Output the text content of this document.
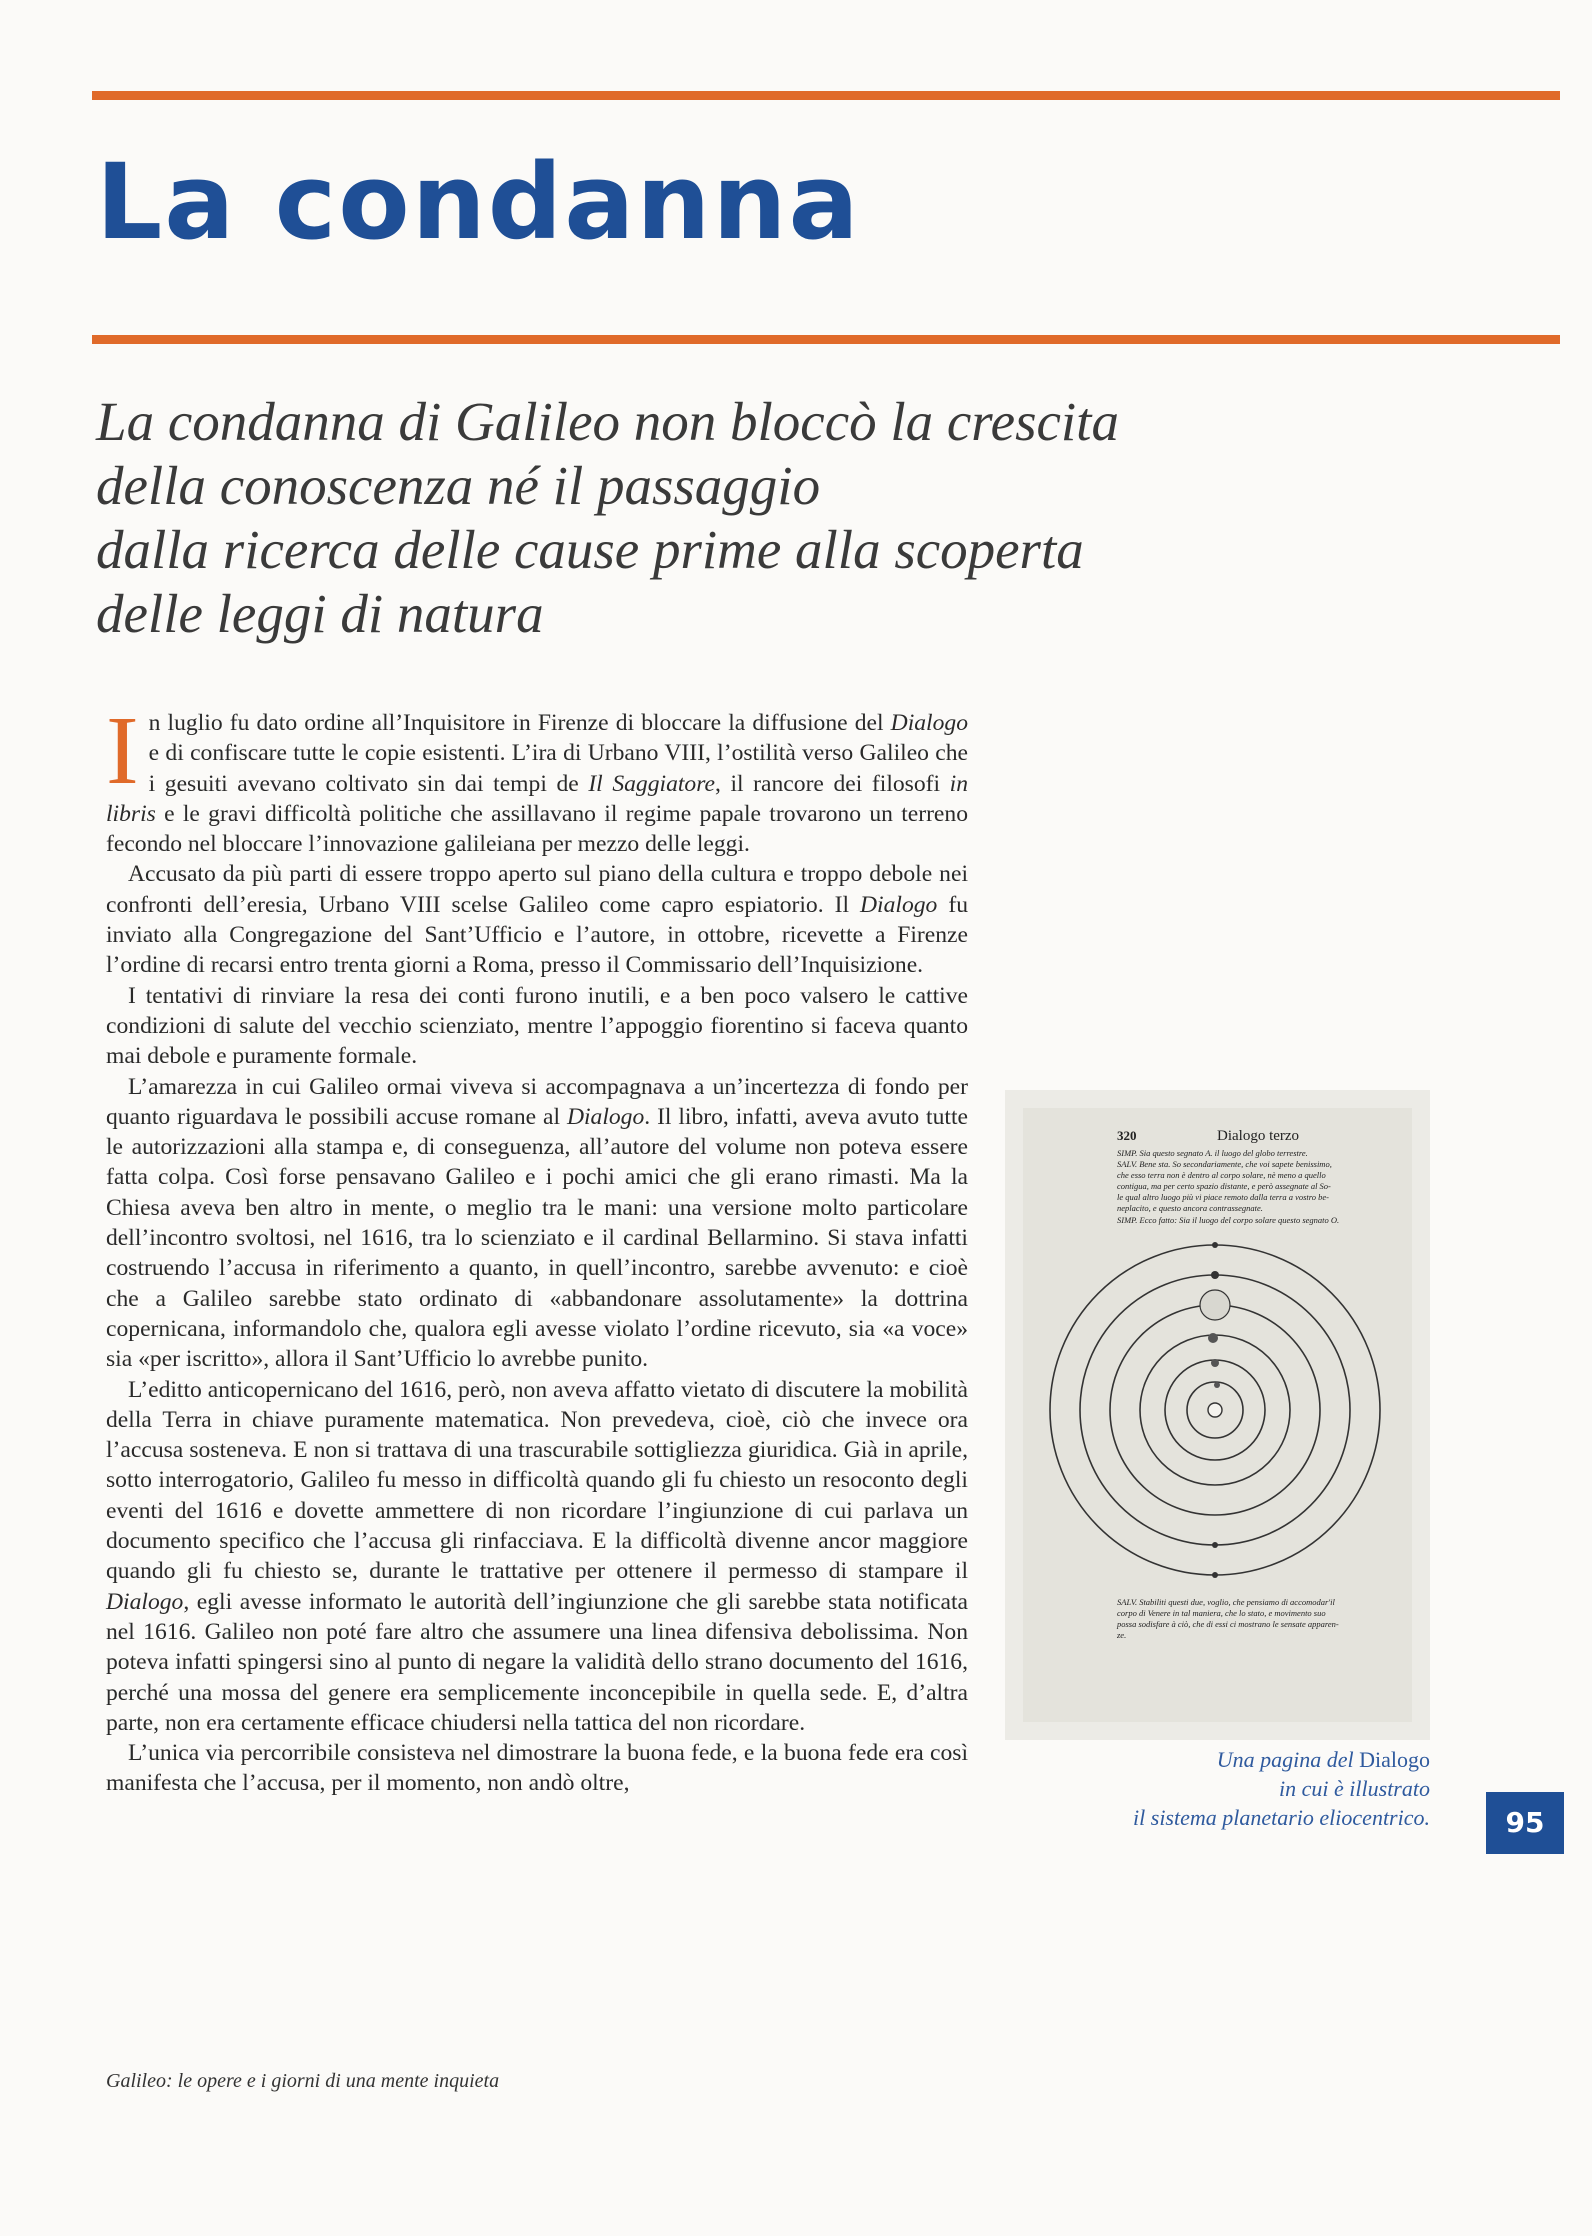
La condanna
La condanna di Galileo non bloccò la crescita
della conoscenza né il passaggio
dalla ricerca delle cause prime alla scoperta
delle leggi di natura

In luglio fu dato ordine all’Inquisitore in Firenze di bloccare la diffusione del Dialogo e di confiscare tutte le copie esistenti. L’ira di Urbano VIII, l’ostilità verso Galileo che i gesuiti avevano coltivato sin dai tempi de Il Saggiatore, il rancore dei filosofi in libris e le gravi difficoltà politiche che assillavano il regime papale trovarono un terreno fecondo nel bloccare l’innovazione galileiana per mezzo delle leggi.

Accusato da più parti di essere troppo aperto sul piano della cultura e troppo debole nei confronti dell’eresia, Urbano VIII scelse Galileo come capro espiatorio. Il Dialogo fu inviato alla Congregazione del Sant’Ufficio e l’autore, in ottobre, ricevette a Firenze l’ordine di recarsi entro trenta giorni a Roma, presso il Commissario dell’Inquisizione.

I tentativi di rinviare la resa dei conti furono inutili, e a ben poco valsero le cattive condizioni di salute del vecchio scienziato, mentre l’appoggio fiorentino si faceva quanto mai debole e puramente formale.

L’amarezza in cui Galileo ormai viveva si accompagnava a un’incertezza di fondo per quanto riguardava le possibili accuse romane al Dialogo. Il libro, infatti, aveva avuto tutte le autorizzazioni alla stampa e, di conseguenza, all’autore del volume non poteva essere fatta colpa. Così forse pensavano Galileo e i pochi amici che gli erano rimasti. Ma la Chiesa aveva ben altro in mente, o meglio tra le mani: una versione molto particolare dell’incontro svoltosi, nel 1616, tra lo scienziato e il cardinal Bellarmino. Si stava infatti costruendo l’accusa in riferimento a quanto, in quell’incontro, sarebbe avvenuto: e cioè che a Galileo sarebbe stato ordinato di «abbandonare assolutamente» la dottrina copernicana, informandolo che, qualora egli avesse violato l’ordine ricevuto, sia «a voce» sia «per iscritto», allora il Sant’Ufficio lo avrebbe punito.

L’editto anticopernicano del 1616, però, non aveva affatto vietato di discutere la mobilità della Terra in chiave puramente matematica. Non prevedeva, cioè, ciò che invece ora l’accusa sosteneva. E non si trattava di una trascurabile sottigliezza giuridica. Già in aprile, sotto interrogatorio, Galileo fu messo in difficoltà quando gli fu chiesto un resoconto degli eventi del 1616 e dovette ammettere di non ricordare l’ingiunzione di cui parlava un documento specifico che l’accusa gli rinfacciava. E la difficoltà divenne ancor maggiore quando gli fu chiesto se, durante le trattative per ottenere il permesso di stampare il Dialogo, egli avesse informato le autorità dell’ingiunzione che gli sarebbe stata notificata nel 1616. Galileo non poté fare altro che assumere una linea difensiva debolissima. Non poteva infatti spingersi sino al punto di negare la validità dello strano documento del 1616, perché una mossa del genere era semplicemente inconcepibile in quella sede. E, d’altra parte, non era certamente efficace chiudersi nella tattica del non ricordare.

L’unica via percorribile consisteva nel dimostrare la buona fede, e la buona fede era così manifesta che l’accusa, per il momento, non andò oltre,

320	Dialogo terzo
SIMP. Sia questo segnato A. il luogo del globo terrestre.
SALV. Bene sta. So secondariamente, che voi sapete benissimo,
che esso terra non è dentro al corpo solare, nè meno a quello
contigua, ma per certo spazio distante, e però assegnate al So-
le qual altro luogo più vi piace remoto dalla terra a vostro be-
neplacito, e questo ancora contrassegnate.
SIMP. Ecco fatto: Sia il luogo del corpo solare questo segnato O.
SALV. Stabiliti questi due, voglio, che pensiamo di accomodar'il
corpo di Venere in tal maniera, che lo stato, e movimento suo
possa sodisfare à ciò, che di essi ci mostrano le sensate apparen-
ze.
Una pagina del Dialogo
in cui è illustrato
il sistema planetario eliocentrico.	95
Galileo: le opere e i giorni di una mente inquieta
